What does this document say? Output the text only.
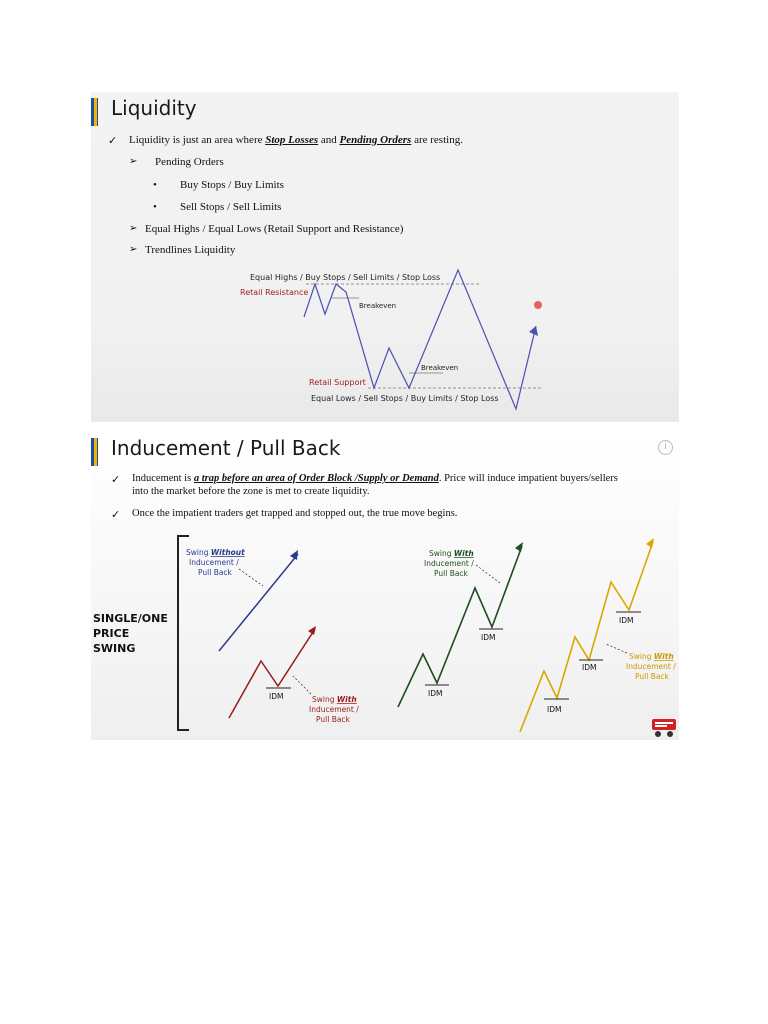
Liquidity
✓ Liquidity is just an area where Stop Losses and Pending Orders are resting.
➢ Pending Orders
• Buy Stops / Buy Limits
• Sell Stops / Sell Limits
➢ Equal Highs / Equal Lows (Retail Support and Resistance)
➢ Trendlines Liquidity
Equal Highs / Buy Stops / Sell Limits / Stop Loss
Retail Resistance
Breakeven
Breakeven
Retail Support
Equal Lows / Sell Stops / Buy Limits / Stop Loss
Inducement / Pull Back	i
✓ Inducement is a trap before an area of Order Block /Supply or Demand. Price will induce impatient buyers/sellers
into the market before the zone is met to create liquidity.
✓ Once the impatient traders get trapped and stopped out, the true move begins.
SINGLE/ONE
PRICE SWING
Swing Without
Inducement /
Pull Back
IDM	Swing With
Inducement /
Pull Back
IDM
IDM
Swing With
Inducement /
Pull Back
IDM
IDM
IDM
Swing With
Inducement /
Pull Back
